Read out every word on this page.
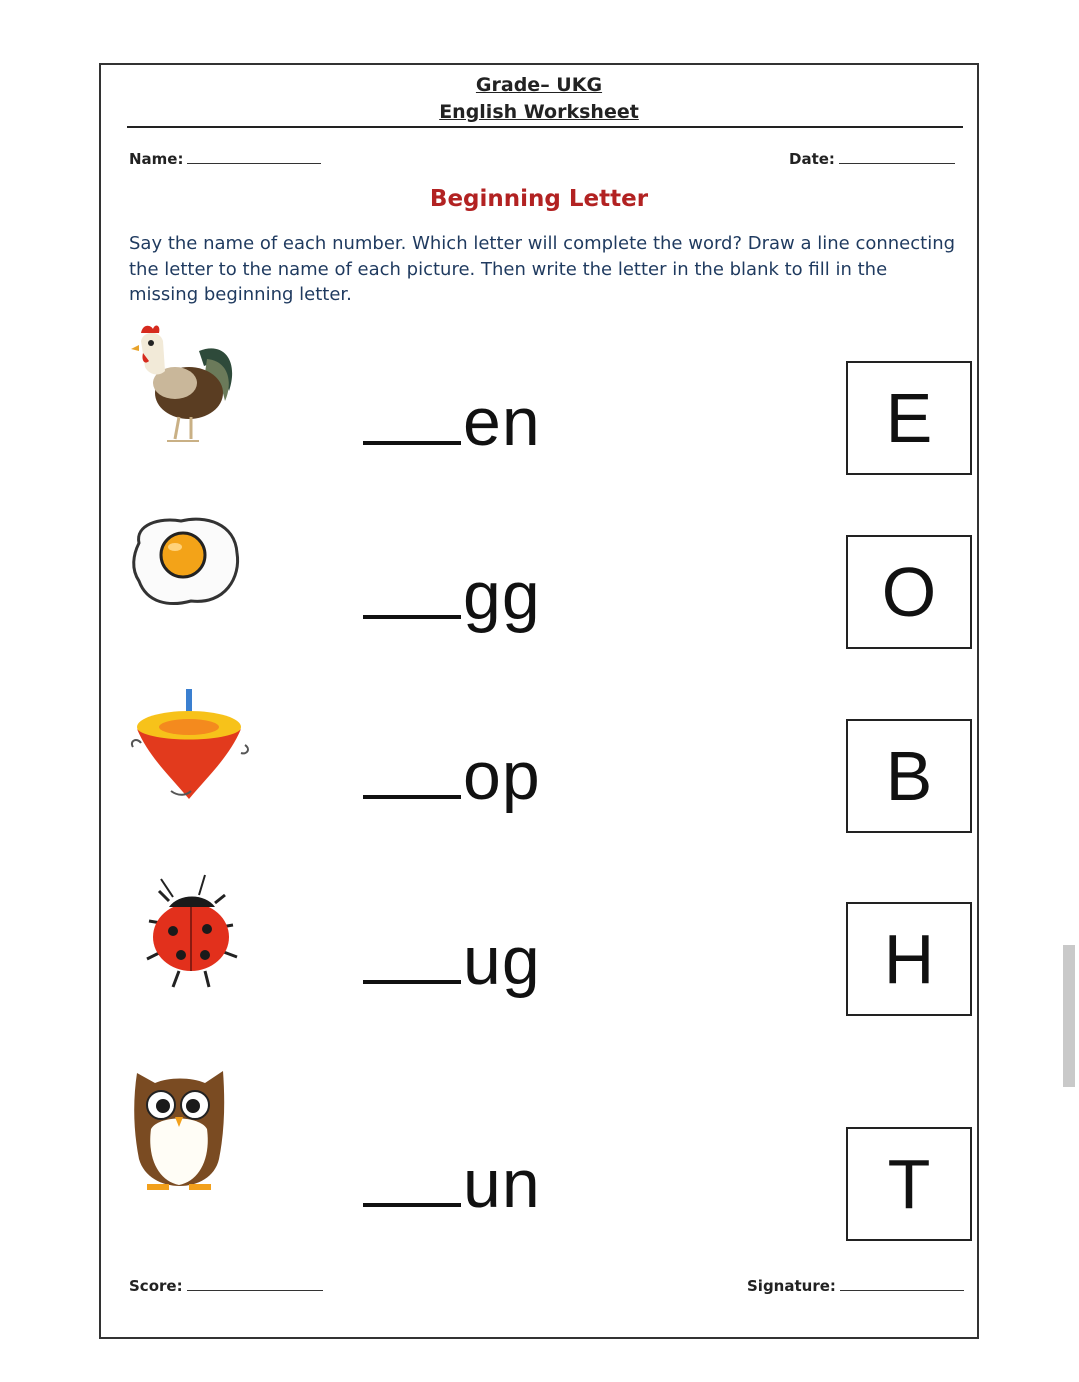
Grade– UKG
English Worksheet
Name:	Date:
Beginning Letter

Say the name of each number. Which letter will complete the word? Draw a line connecting the letter to the name of each picture. Then write the letter in the blank to fill in the missing beginning letter.

en	E
gg	O
op	B
ug	H
un	T
Score:	Signature:
